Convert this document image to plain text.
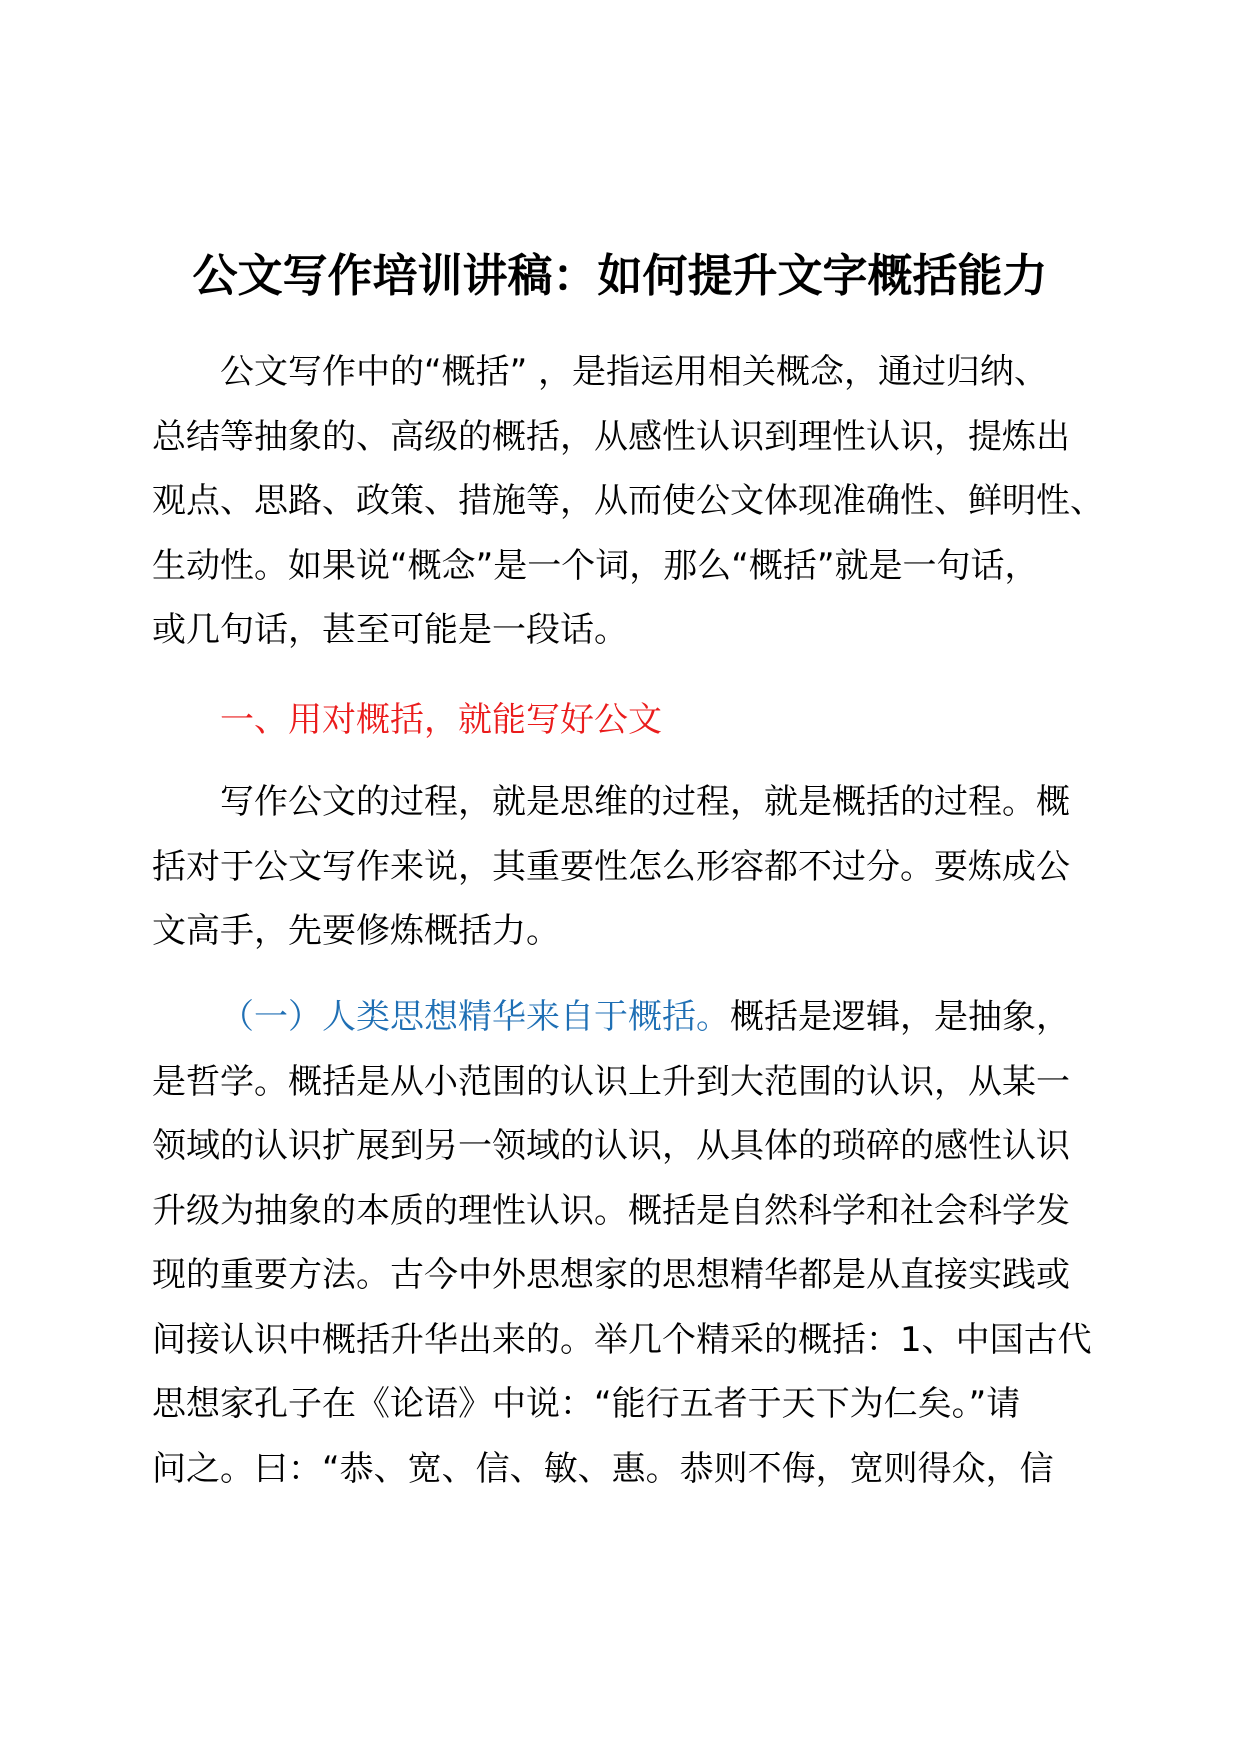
公文写作培训讲稿：如何提升文字概括能力
公文写作中的“概括” ，是指运用相关概念，通过归纳、
总结等抽象的、高级的概括，从感性认识到理性认识，提炼出
观点、思路、政策、措施等，从而使公文体现准确性、鲜明性、
生动性。如果说“概念”是一个词，那么“概括”就是一句话，
或几句话，甚至可能是一段话。
一、用对概括，就能写好公文
写作公文的过程，就是思维的过程，就是概括的过程。概
括对于公文写作来说，其重要性怎么形容都不过分。要炼成公
文高手，先要修炼概括力。
（一）人类思想精华来自于概括。概括是逻辑，是抽象，
是哲学。概括是从小范围的认识上升到大范围的认识，从某一
领域的认识扩展到另一领域的认识，从具体的琐碎的感性认识
升级为抽象的本质的理性认识。概括是自然科学和社会科学发
现的重要方法。古今中外思想家的思想精华都是从直接实践或
间接认识中概括升华出来的。举几个精采的概括：1、中国古代
思想家孔子在《论语》中说：“能行五者于天下为仁矣。”请
问之。曰：“恭、宽、信、敏、惠。恭则不侮，宽则得众，信
